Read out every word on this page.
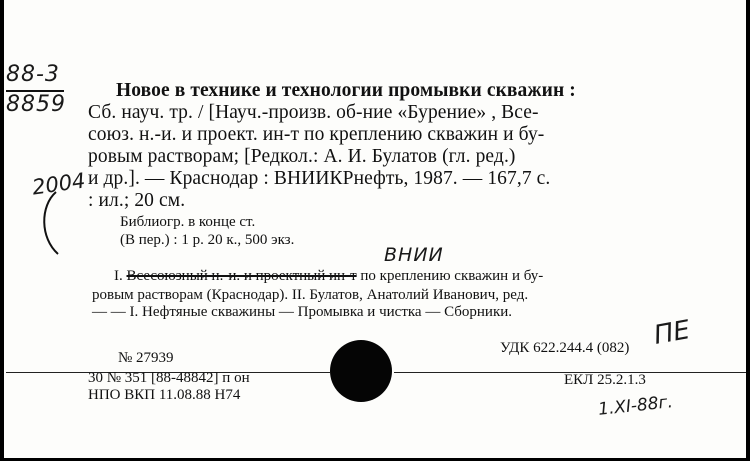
88-3
8859
2004
Новое в технике и технологии промывки скважин :
Сб. науч. тр. / [Науч.-произв. об-ние «Бурение» , Все-
союз. н.-и. и проект. ин-т по креплению скважин и бу-
ровым растворам; [Редкол.: А. И. Булатов (гл. ред.)
и др.]. — Краснодар : ВНИИКРнефть, 1987. — 167,7 с.
: ил.; 20 см.
Библиогр. в конце ст.
(В пер.) : 1 р. 20 к., 500 экз.
ВНИИ
I. Всесоюзный н.-и. и проектный ин-т по креплению скважин и бу-
ровым растворам (Краснодар). II. Булатов, Анатолий Иванович, ред.
— — I. Нефтяные скважины — Промывка и чистка — Сборники.
УДК 622.244.4 (082) ПЕ
№ 27939
30 № 351 [88-48842] п он
НПО ВКП 11.08.88 Н74
ЕКЛ 25.2.1.3
1.XI-88г.
